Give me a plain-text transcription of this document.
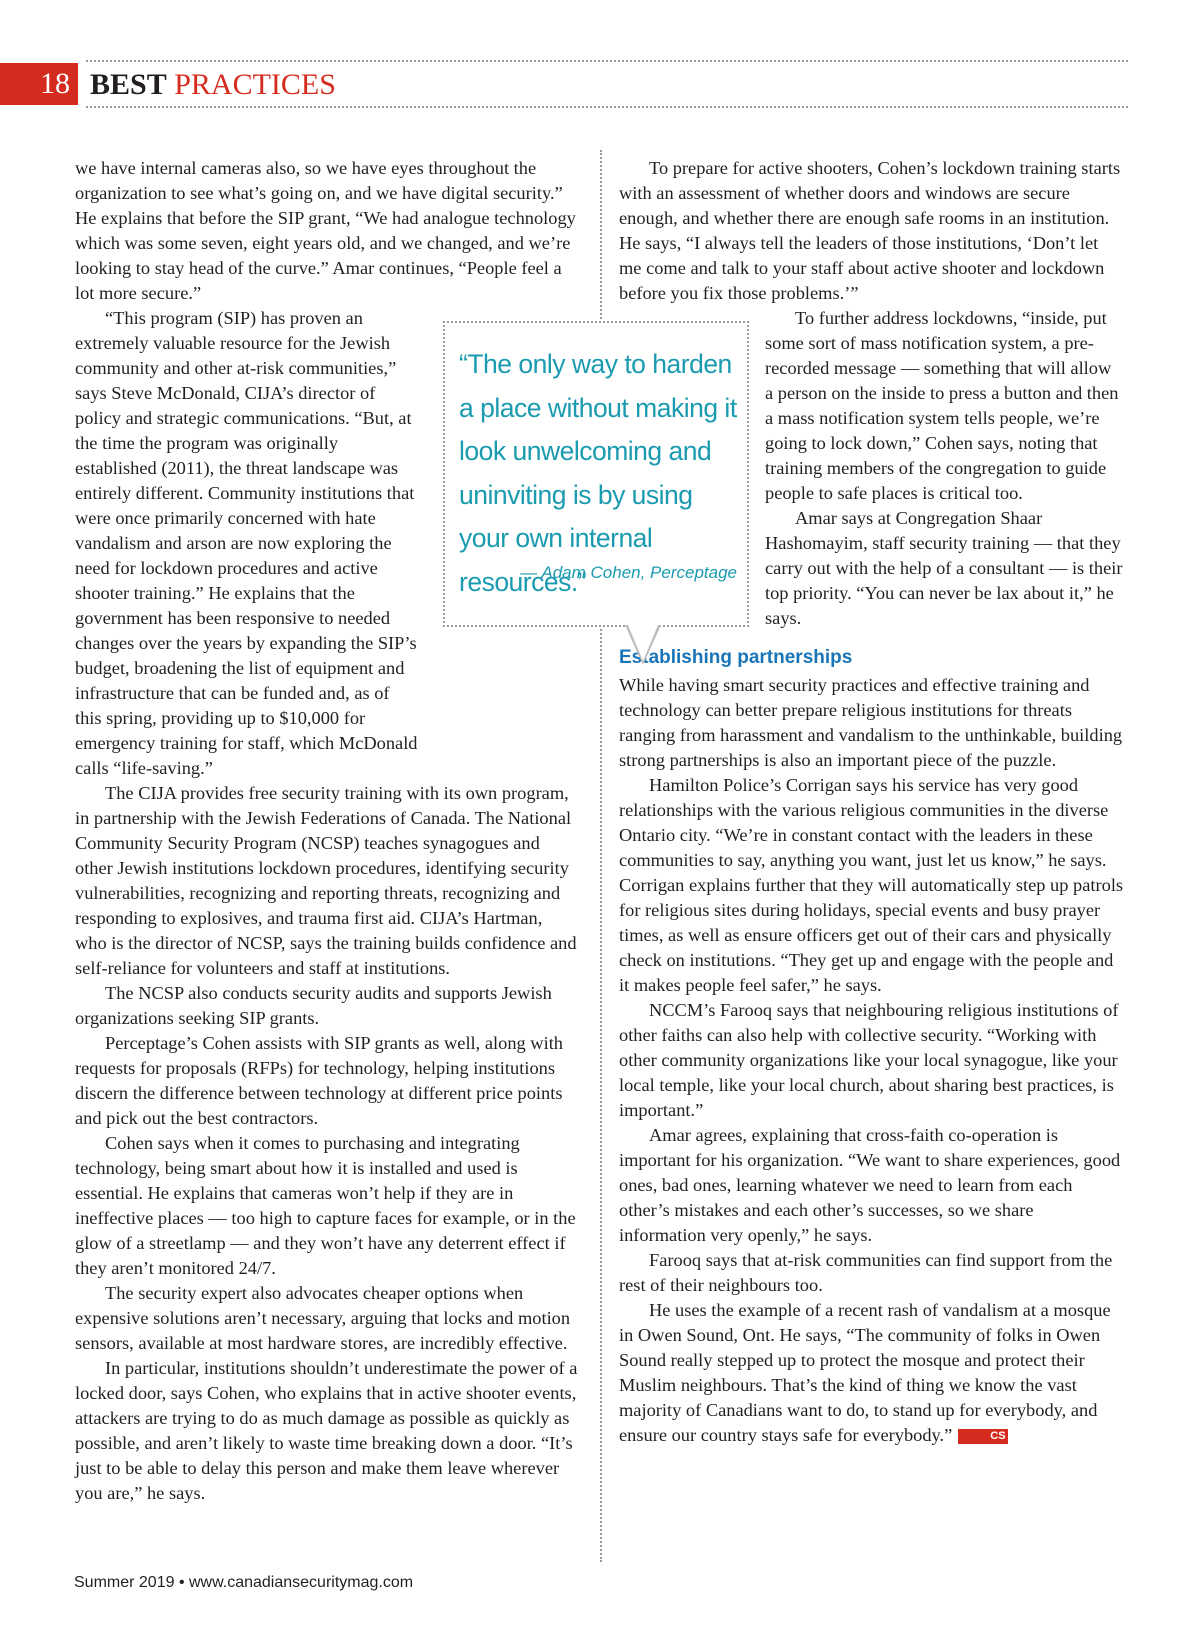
18 BEST PRACTICES

we have internal cameras also, so we have eyes throughout the organization to see what’s going on, and we have digital security.” He explains that before the SIP grant, “We had analogue technology which was some seven, eight years old, and we changed, and we’re looking to stay head of the curve.” Amar continues, “People feel a lot more secure.”

“This program (SIP) has proven an extremely valuable resource for the Jewish community and other at-risk communities,” says Steve McDonald, CIJA’s director of policy and strategic communications. “But, at the time the program was originally established (2011), the threat landscape was entirely different. Community institutions that were once primarily concerned with hate vandalism and arson are now exploring the need for lockdown procedures and active shooter training.” He explains that the government has been responsive to needed changes over the years by expanding the SIP’s budget, broadening the list of equipment and infrastructure that can be funded and, as of this spring, providing up to $10,000 for emergency training for staff, which McDonald calls “life-saving.”

The CIJA provides free security training with its own program, in partnership with the Jewish Federations of Canada. The National Community Security Program (NCSP) teaches synagogues and other Jewish institutions lockdown procedures, identifying security vulnerabilities, recognizing and reporting threats, recognizing and responding to explosives, and trauma first aid. CIJA’s Hartman, who is the director of NCSP, says the training builds confidence and self-reliance for volunteers and staff at institutions.

The NCSP also conducts security audits and supports Jewish organizations seeking SIP grants.

Perceptage’s Cohen assists with SIP grants as well, along with requests for proposals (RFPs) for technology, helping institutions discern the difference between technology at different price points and pick out the best contractors.

Cohen says when it comes to purchasing and integrating technology, being smart about how it is installed and used is essential. He explains that cameras won’t help if they are in ineffective places — too high to capture faces for example, or in the glow of a streetlamp — and they won’t have any deterrent effect if they aren’t monitored 24/7.

The security expert also advocates cheaper options when expensive solutions aren’t necessary, arguing that locks and motion sensors, available at most hardware stores, are incredibly effective.

In particular, institutions shouldn’t underestimate the power of a locked door, says Cohen, who explains that in active shooter events, attackers are trying to do as much damage as possible as quickly as possible, and aren’t likely to waste time breaking down a door. “It’s just to be able to delay this person and make them leave wherever you are,” he says.

To prepare for active shooters, Cohen’s lockdown training starts with an assessment of whether doors and windows are secure enough, and whether there are enough safe rooms in an institution. He says, “I always tell the leaders of those institutions, ‘Don’t let me come and talk to your staff about active shooter and lockdown before you fix those problems.’”

To further address lockdowns, “inside, put some sort of mass notification system, a pre-recorded message — something that will allow a person on the inside to press a button and then a mass notification system tells people, we’re going to lock down,” Cohen says, noting that training members of the congregation to guide people to safe places is critical too.

Amar says at Congregation Shaar Hashomayim, staff security training — that they carry out with the help of a consultant — is their top priority. “You can never be lax about it,” he says.

Establishing partnerships

While having smart security practices and effective training and technology can better prepare religious institutions for threats ranging from harassment and vandalism to the unthinkable, building strong partnerships is also an important piece of the puzzle.

Hamilton Police’s Corrigan says his service has very good relationships with the various religious communities in the diverse Ontario city. “We’re in constant contact with the leaders in these communities to say, anything you want, just let us know,” he says. Corrigan explains further that they will automatically step up patrols for religious sites during holidays, special events and busy prayer times, as well as ensure officers get out of their cars and physically check on institutions. “They get up and engage with the people and it makes people feel safer,” he says.

NCCM’s Farooq says that neighbouring religious institutions of other faiths can also help with collective security. “Working with other community organizations like your local synagogue, like your local temple, like your local church, about sharing best practices, is important.”

Amar agrees, explaining that cross-faith co-operation is important for his organization. “We want to share experiences, good ones, bad ones, learning whatever we need to learn from each other’s mistakes and each other’s successes, so we share information very openly,” he says.

Farooq says that at-risk communities can find support from the rest of their neighbours too.

He uses the example of a recent rash of vandalism at a mosque in Owen Sound, Ont. He says, “The community of folks in Owen Sound really stepped up to protect the mosque and protect their Muslim neighbours. That’s the kind of thing we know the vast majority of Canadians want to do, to stand up for everybody, and ensure our country stays safe for everybody.”	CS

“The only way to harden a place without making it look unwelcoming and uninviting is by using your own internal resources.”
— Adam Cohen, Perceptage
Summer 2019 • www.canadiansecuritymag.com
